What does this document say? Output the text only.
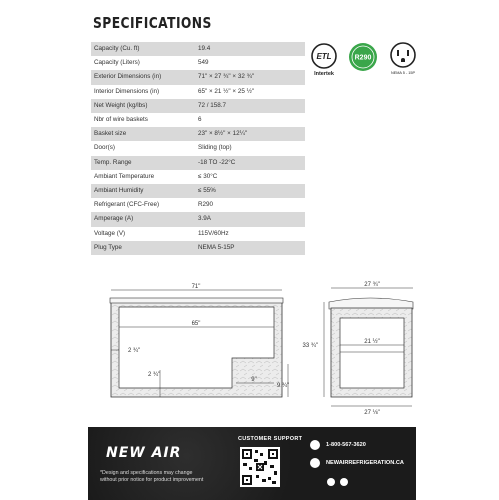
SPECIFICATIONS
Capacity (Cu. ft)	19.4
Capacity (Liters)	549
Exterior Dimensions (in)	71" × 27 ¾" × 32 ¾"
Interior Dimensions (in)	65" × 21 ½" × 25 ½"
Net Weight (kg/lbs)	72 / 158.7
Nbr of wire baskets	6
Basket size	23" × 8½" × 12¼"
Door(s)	Sliding (top)
Temp. Range	-18 TO -22°C
Ambiant Temperature	≤ 30°C
Ambiant Humidity	≤ 55%
Refrigerant (CFC-Free)	R290
Amperage (A)	3.9A
Voltage (V)	115V/60Hz
Plug Type	NEMA 5-15P
ETL
Intertek
R290
NEMA 5 - 15P
71"
65"
2 ¾"
2 ¾"
9"
9 ¾"
27 ¾"
33 ¾"
21 ½"
27 ⅛"
NEW AIR
*Design and specifications may change
without prior notice for product improvement
CUSTOMER SUPPORT
1-800-567-3620
NEWAIRREFRIGERATION.CA
